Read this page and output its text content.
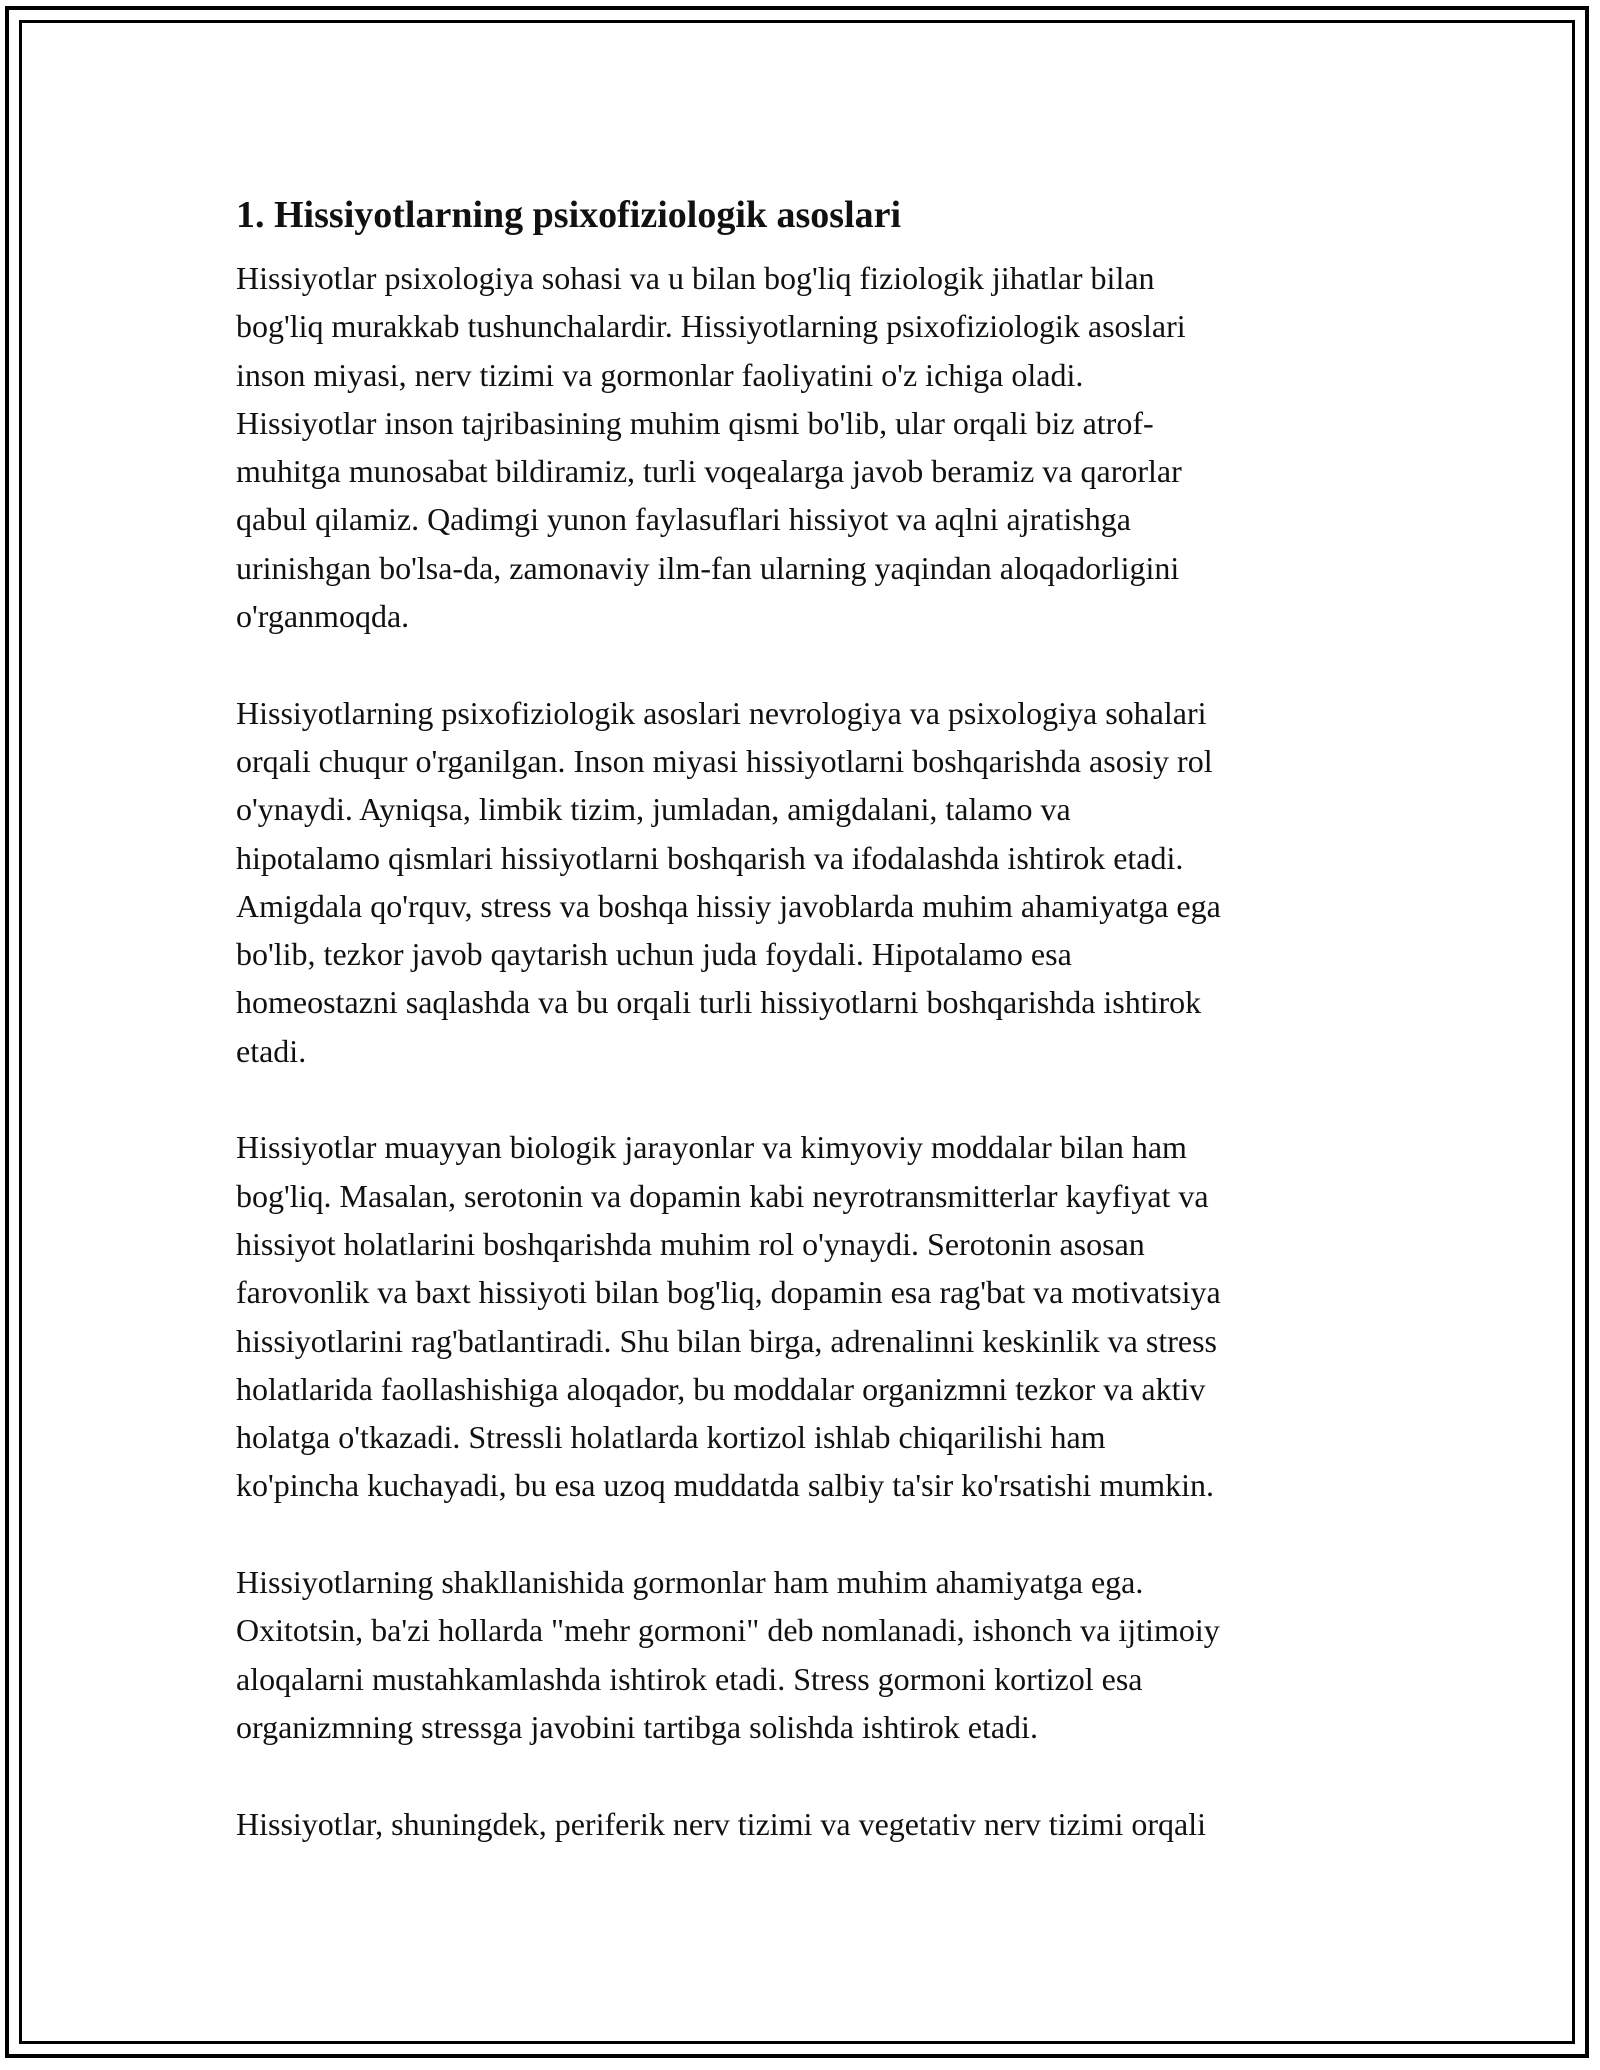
1. Hissiyotlarning psixofiziologik asoslari

Hissiyotlar psixologiya sohasi va u bilan bog'liq fiziologik jihatlar bilan
bog'liq murakkab tushunchalardir. Hissiyotlarning psixofiziologik asoslari
inson miyasi, nerv tizimi va gormonlar faoliyatini o'z ichiga oladi.
Hissiyotlar inson tajribasining muhim qismi bo'lib, ular orqali biz atrof-
muhitga munosabat bildiramiz, turli voqealarga javob beramiz va qarorlar
qabul qilamiz. Qadimgi yunon faylasuflari hissiyot va aqlni ajratishga
urinishgan bo'lsa-da, zamonaviy ilm-fan ularning yaqindan aloqadorligini
o'rganmoqda.

Hissiyotlarning psixofiziologik asoslari nevrologiya va psixologiya sohalari
orqali chuqur o'rganilgan. Inson miyasi hissiyotlarni boshqarishda asosiy rol
o'ynaydi. Ayniqsa, limbik tizim, jumladan, amigdalani, talamo va
hipotalamo qismlari hissiyotlarni boshqarish va ifodalashda ishtirok etadi.
Amigdala qo'rquv, stress va boshqa hissiy javoblarda muhim ahamiyatga ega
bo'lib, tezkor javob qaytarish uchun juda foydali. Hipotalamo esa
homeostazni saqlashda va bu orqali turli hissiyotlarni boshqarishda ishtirok
etadi.

Hissiyotlar muayyan biologik jarayonlar va kimyoviy moddalar bilan ham
bog'liq. Masalan, serotonin va dopamin kabi neyrotransmitterlar kayfiyat va
hissiyot holatlarini boshqarishda muhim rol o'ynaydi. Serotonin asosan
farovonlik va baxt hissiyoti bilan bog'liq, dopamin esa rag'bat va motivatsiya
hissiyotlarini rag'batlantiradi. Shu bilan birga, adrenalinni keskinlik va stress
holatlarida faollashishiga aloqador, bu moddalar organizmni tezkor va aktiv
holatga o'tkazadi. Stressli holatlarda kortizol ishlab chiqarilishi ham
ko'pincha kuchayadi, bu esa uzoq muddatda salbiy ta'sir ko'rsatishi mumkin.

Hissiyotlarning shakllanishida gormonlar ham muhim ahamiyatga ega.
Oxitotsin, ba'zi hollarda "mehr gormoni" deb nomlanadi, ishonch va ijtimoiy
aloqalarni mustahkamlashda ishtirok etadi. Stress gormoni kortizol esa
organizmning stressga javobini tartibga solishda ishtirok etadi.

Hissiyotlar, shuningdek, periferik nerv tizimi va vegetativ nerv tizimi orqali
